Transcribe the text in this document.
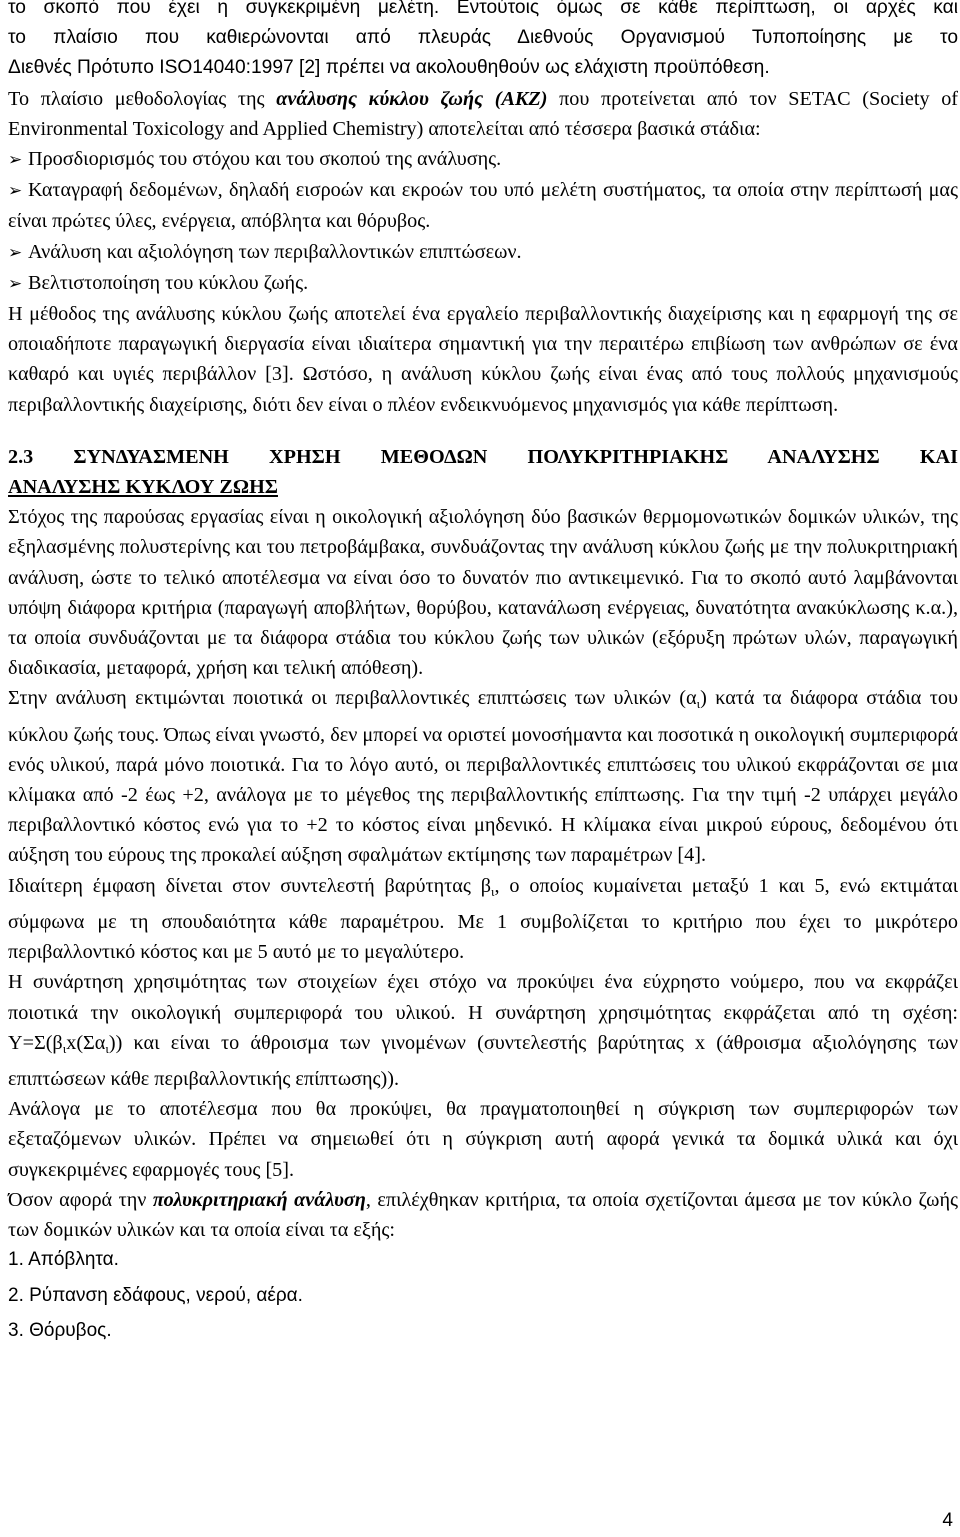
το σκοπό που έχει η συγκεκριμένη μελέτη. Εντούτοις όμως σε κάθε περίπτωση, οι αρχές και
το πλαίσιο που καθιερώνονται από πλευράς Διεθνούς Οργανισμού Τυποποίησης με το
Διεθνές Πρότυπο ISO14040:1997 [2] πρέπει να ακολουθηθούν ως ελάχιστη προϋπόθεση.

Το πλαίσιο μεθοδολογίας της ανάλυσης κύκλου ζωής (ΑΚΖ) που προτείνεται από τον SETAC (Society of Environmental Toxicology and Applied Chemistry) αποτελείται από τέσσερα βασικά στάδια:

➢ Προσδιορισμός του στόχου και του σκοπού της ανάλυσης.

➢ Καταγραφή δεδομένων, δηλαδή εισροών και εκροών του υπό μελέτη συστήματος, τα οποία στην περίπτωσή μας είναι πρώτες ύλες, ενέργεια, απόβλητα και θόρυβος.

➢ Ανάλυση και αξιολόγηση των περιβαλλοντικών επιπτώσεων.

➢ Βελτιστοποίηση του κύκλου ζωής.

Η μέθοδος της ανάλυσης κύκλου ζωής αποτελεί ένα εργαλείο περιβαλλοντικής διαχείρισης και η εφαρμογή της σε οποιαδήποτε παραγωγική διεργασία είναι ιδιαίτερα σημαντική για την περαιτέρω επιβίωση των ανθρώπων σε ένα καθαρό και υγιές περιβάλλον [3]. Ωστόσο, η ανάλυση κύκλου ζωής είναι ένας από τους πολλούς μηχανισμούς περιβαλλοντικής διαχείρισης, διότι δεν είναι ο πλέον ενδεικνυόμενος μηχανισμός για κάθε περίπτωση.

2.3 ΣΥΝΔΥΑΣΜΕΝΗ ΧΡΗΣΗ ΜΕΘΟΔΩΝ ΠΟΛΥΚΡΙΤΗΡΙΑΚΗΣ ΑΝΑΛΥΣΗΣ ΚΑΙ

ΑΝΑΛΥΣΗΣ ΚΥΚΛΟΥ ΖΩΗΣ

Στόχος της παρούσας εργασίας είναι η οικολογική αξιολόγηση δύο βασικών θερμομονωτικών δομικών υλικών, της εξηλασμένης πολυστερίνης και του πετροβάμβακα, συνδυάζοντας την ανάλυση κύκλου ζωής με την πολυκριτηριακή ανάλυση, ώστε το τελικό αποτέλεσμα να είναι όσο το δυνατόν πιο αντικειμενικό. Για το σκοπό αυτό λαμβάνονται υπόψη διάφορα κριτήρια (παραγωγή αποβλήτων, θορύβου, κατανάλωση ενέργειας, δυνατότητα ανακύκλωσης κ.α.), τα οποία συνδυάζονται με τα διάφορα στάδια του κύκλου ζωής των υλικών (εξόρυξη πρώτων υλών, παραγωγική διαδικασία, μεταφορά, χρήση και τελική απόθεση).

Στην ανάλυση εκτιμώνται ποιοτικά οι περιβαλλοντικές επιπτώσεις των υλικών $(\alpha_\iota)$ κατά τα διάφορα στάδια του κύκλου ζωής τους. Όπως είναι γνωστό, δεν μπορεί να οριστεί μονοσήμαντα και ποσοτικά η οικολογική συμπεριφορά ενός υλικού, παρά μόνο ποιοτικά. Για το λόγο αυτό, οι περιβαλλοντικές επιπτώσεις του υλικού εκφράζονται σε μια κλίμακα από -2 έως +2, ανάλογα με το μέγεθος της περιβαλλοντικής επίπτωσης. Για την τιμή -2 υπάρχει μεγάλο περιβαλλοντικό κόστος ενώ για το +2 το κόστος είναι μηδενικό. Η κλίμακα είναι μικρού εύρους, δεδομένου ότι αύξηση του εύρους της προκαλεί αύξηση σφαλμάτων εκτίμησης των παραμέτρων [4].

Ιδιαίτερη έμφαση δίνεται στον συντελεστή βαρύτητας $\beta_\iota$, ο οποίος κυμαίνεται μεταξύ 1 και 5, ενώ εκτιμάται σύμφωνα με τη σπουδαιότητα κάθε παραμέτρου. Με 1 συμβολίζεται το κριτήριο που έχει το μικρότερο περιβαλλοντικό κόστος και με 5 αυτό με το μεγαλύτερο.

Η συνάρτηση χρησιμότητας των στοιχείων έχει στόχο να προκύψει ένα εύχρηστο νούμερο, που να εκφράζει ποιοτικά την οικολογική συμπεριφορά του υλικού. Η συνάρτηση χρησιμότητας εκφράζεται από τη σχέση: $\Upsilon=\Sigma(\beta_\iota x(\Sigma\alpha_\iota))$ και είναι το άθροισμα των γινομένων (συντελεστής βαρύτητας x (άθροισμα αξιολόγησης των επιπτώσεων κάθε περιβαλλοντικής επίπτωσης)).

Ανάλογα με το αποτέλεσμα που θα προκύψει, θα πραγματοποιηθεί η σύγκριση των συμπεριφορών των εξεταζόμενων υλικών. Πρέπει να σημειωθεί ότι η σύγκριση αυτή αφορά γενικά τα δομικά υλικά και όχι συγκεκριμένες εφαρμογές τους [5].

Όσον αφορά την πολυκριτηριακή ανάλυση, επιλέχθηκαν κριτήρια, τα οποία σχετίζονται άμεσα με τον κύκλο ζωής των δομικών υλικών και τα οποία είναι τα εξής:

1. Απόβλητα.
2. Ρύπανση εδάφους, νερού, αέρα.
3. Θόρυβος.
4
